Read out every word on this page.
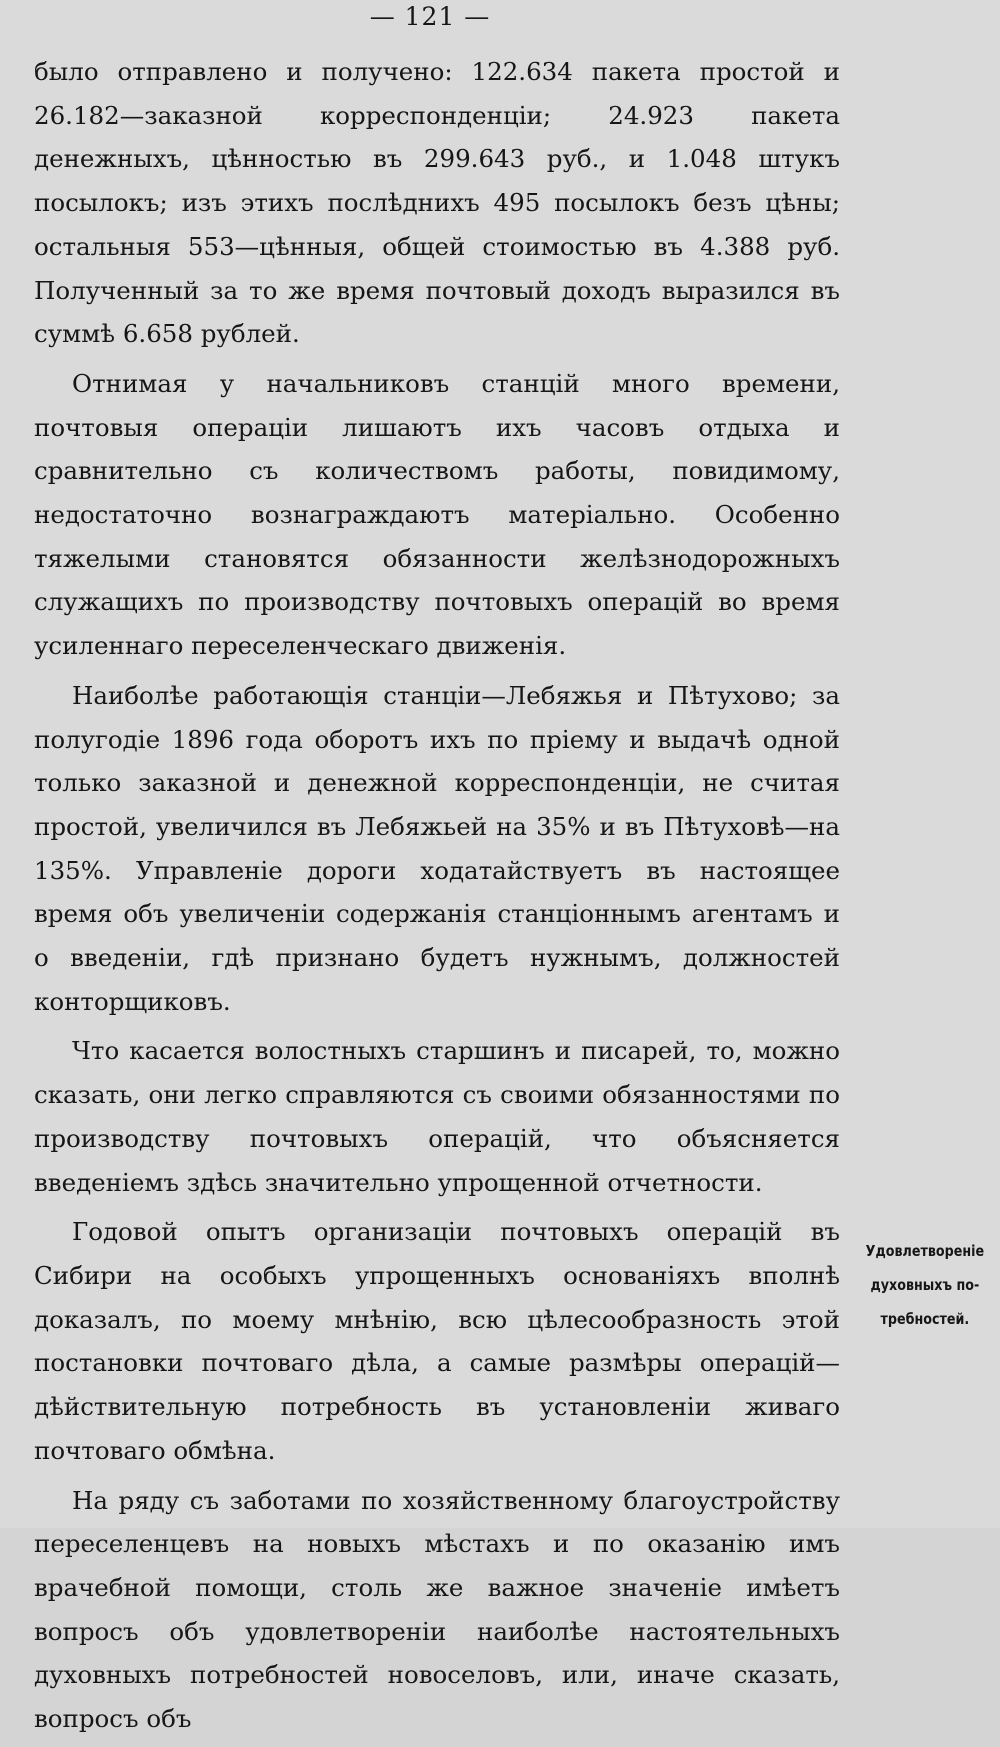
— 121 —

было отправлено и получено: 122.634 пакета простой и 26.182—заказной корреспонденціи; 24.923 пакета денежныхъ, цѣнностью въ 299.643 руб., и 1.048 штукъ посылокъ; изъ этихъ послѣднихъ 495 посылокъ безъ цѣны; остальныя 553—цѣнныя, общей стоимостью въ 4.388 руб. Полученный за то же время почтовый доходъ выразился въ суммѣ 6.658 рублей.

Отнимая у начальниковъ станцій много времени, почтовыя операціи лишаютъ ихъ часовъ отдыха и сравнительно съ количествомъ работы, повидимому, недостаточно вознаграждаютъ матеріально. Особенно тяжелыми становятся обязанности желѣзнодорожныхъ служащихъ по производству почтовыхъ операцій во время усиленнаго переселенческаго движенія.

Наиболѣе работающія станціи—Лебяжья и Пѣтухово; за полугодіе 1896 года оборотъ ихъ по пріему и выдачѣ одной только заказной и денежной корреспонденціи, не считая простой, увеличился въ Лебяжьей на 35% и въ Пѣтуховѣ—на 135%. Управленіе дороги ходатайствуетъ въ настоящее время объ увеличеніи содержанія станціоннымъ агентамъ и о введеніи, гдѣ признано будетъ нужнымъ, должностей конторщиковъ.

Что касается волостныхъ старшинъ и писарей, то, можно сказать, они легко справляются съ своими обязанностями по производству почтовыхъ операцій, что объясняется введеніемъ здѣсь значительно упрощенной отчетности.

Годовой опытъ организаціи почтовыхъ операцій въ Сибири на особыхъ упрощенныхъ основаніяхъ вполнѣ доказалъ, по моему мнѣнію, всю цѣлесообразность этой постановки почтоваго дѣла, а самые размѣры операцій—дѣйствительную потребность въ установленіи живаго почтоваго обмѣна.

На ряду съ заботами по хозяйственному благоустройству переселенцевъ на новыхъ мѣстахъ и по оказанію имъ врачебной помощи, столь же важное значеніе имѣетъ вопросъ объ удовлетвореніи наиболѣе настоятельныхъ духовныхъ потребностей новоселовъ, или, иначе сказать, вопросъ объ

Удовлетвореніе
духовныхъ по-
требностей.
